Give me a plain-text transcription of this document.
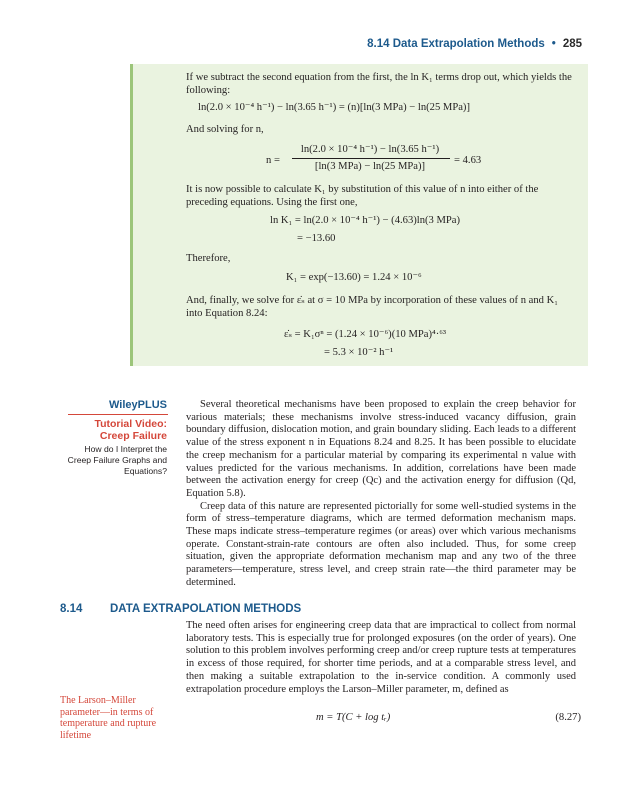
8.14 Data Extrapolation Methods • 285
If we subtract the second equation from the first, the ln K₁ terms drop out, which yields the following:
ln(2.0 × 10⁻⁴ h⁻¹) − ln(3.65 h⁻¹) = (n)[ln(3 MPa) − ln(25 MPa)]
And solving for n,
n =
ln(2.0 × 10⁻⁴ h⁻¹) − ln(3.65 h⁻¹)
[ln(3 MPa) − ln(25 MPa)]
= 4.63
It is now possible to calculate K₁ by substitution of this value of n into either of the preceding equations. Using the first one,
ln K₁ = ln(2.0 × 10⁻⁴ h⁻¹) − (4.63)ln(3 MPa)
= −13.60
Therefore,
K₁ = exp(−13.60) = 1.24 × 10⁻⁶
And, finally, we solve for ε̇ₛ at σ = 10 MPa by incorporation of these values of n and K₁ into Equation 8.24:
ε̇ₛ = K₁σⁿ = (1.24 × 10⁻⁶)(10 MPa)⁴·⁶³
= 5.3 × 10⁻² h⁻¹
WileyPLUS
Tutorial Video:
Creep Failure
How do I Interpret the Creep Failure Graphs and Equations?

Several theoretical mechanisms have been proposed to explain the creep behavior for various materials; these mechanisms involve stress-induced vacancy diffusion, grain boundary diffusion, dislocation motion, and grain boundary sliding. Each leads to a different value of the stress exponent n in Equations 8.24 and 8.25. It has been possible to elucidate the creep mechanism for a particular material by comparing its experimental n value with values predicted for the various mechanisms. In addition, correlations have been made between the activation energy for creep (Qc) and the activation energy for diffusion (Qd, Equation 5.8).

Creep data of this nature are represented pictorially for some well-studied systems in the form of stress–temperature diagrams, which are termed deformation mechanism maps. These maps indicate stress–temperature regimes (or areas) over which various mechanisms operate. Constant-strain-rate contours are often also included. Thus, for some creep situation, given the appropriate deformation mechanism map and any two of the three parameters—temperature, stress level, and creep strain rate—the third parameter may be determined.

8.14 DATA EXTRAPOLATION METHODS

The need often arises for engineering creep data that are impractical to collect from normal laboratory tests. This is especially true for prolonged exposures (on the order of years). One solution to this problem involves performing creep and/or creep rupture tests at temperatures in excess of those required, for shorter time periods, and at a comparable stress level, and then making a suitable extrapolation to the in-service condition. A commonly used extrapolation procedure employs the Larson–Miller parameter, m, defined as

The Larson–Miller parameter—in terms of temperature and rupture lifetime
m = T(C + log tᵣ)	(8.27)
